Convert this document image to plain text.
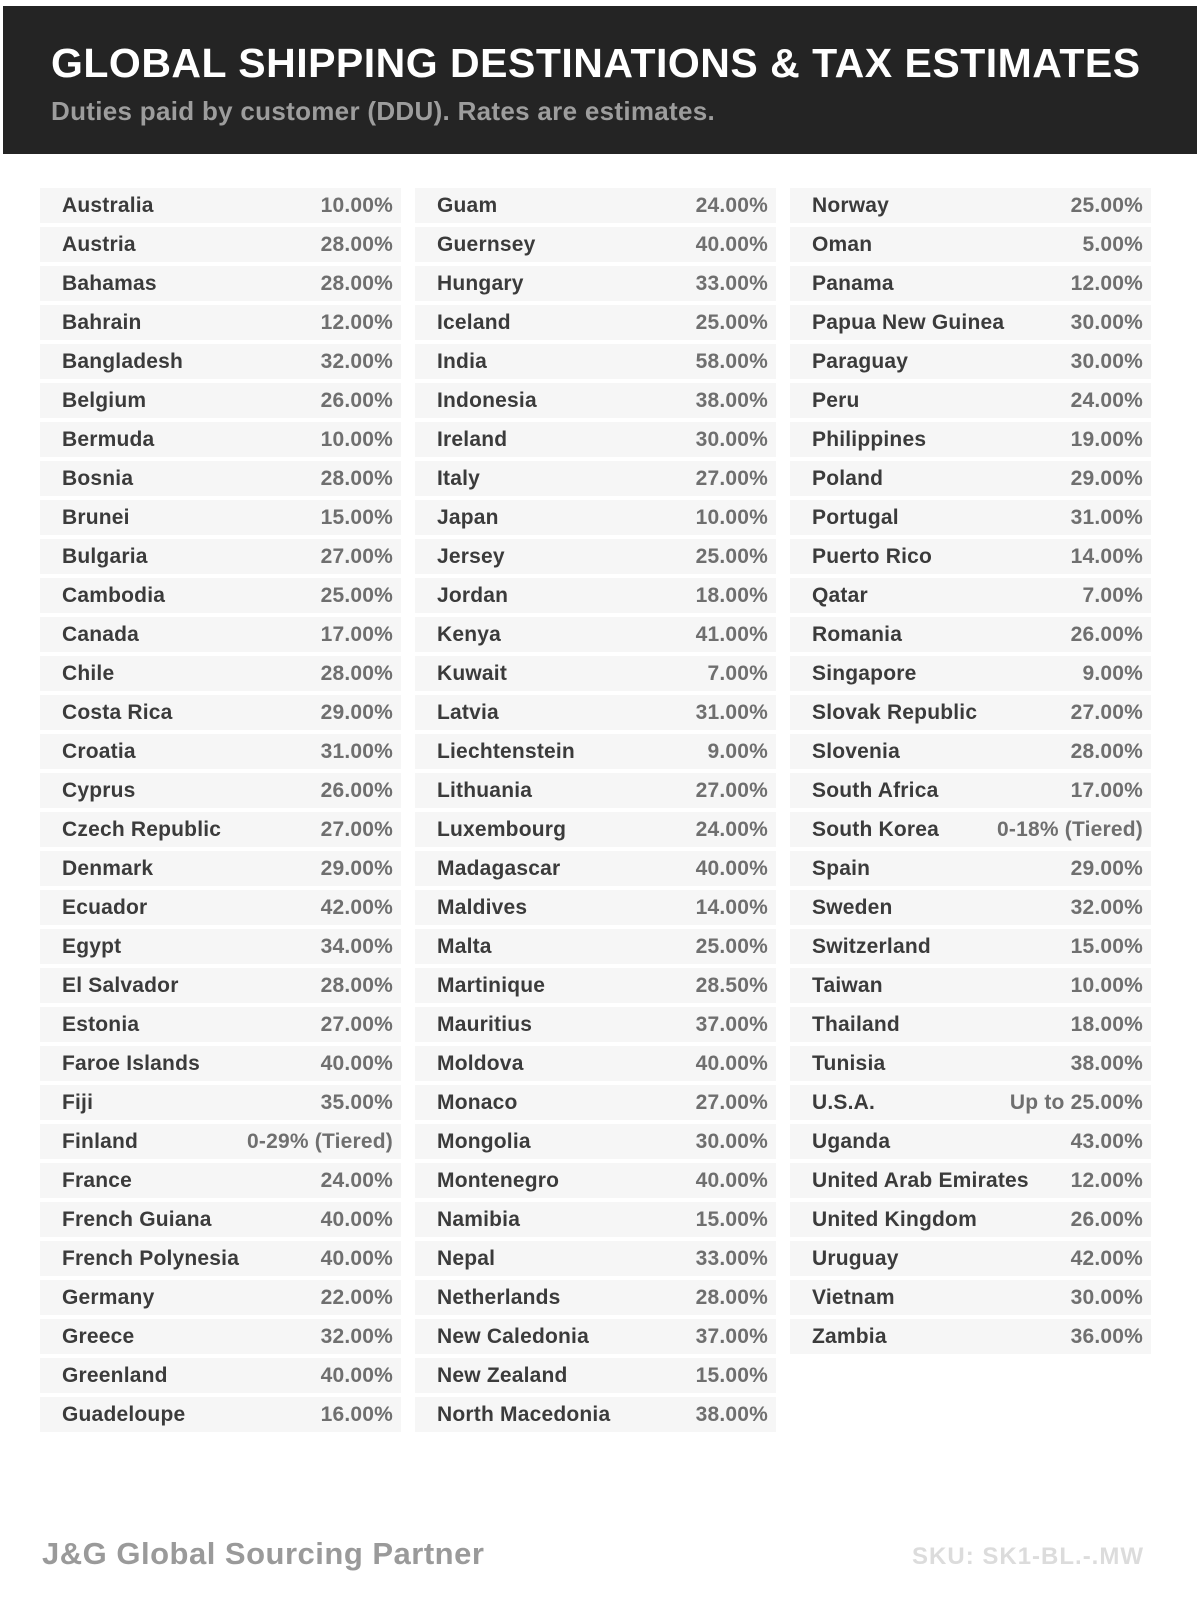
GLOBAL SHIPPING DESTINATIONS & TAX ESTIMATES
Duties paid by customer (DDU). Rates are estimates.
Australia	10.00%
Austria	28.00%
Bahamas	28.00%
Bahrain	12.00%
Bangladesh	32.00%
Belgium	26.00%
Bermuda	10.00%
Bosnia	28.00%
Brunei	15.00%
Bulgaria	27.00%
Cambodia	25.00%
Canada	17.00%
Chile	28.00%
Costa Rica	29.00%
Croatia	31.00%
Cyprus	26.00%
Czech Republic	27.00%
Denmark	29.00%
Ecuador	42.00%
Egypt	34.00%
El Salvador	28.00%
Estonia	27.00%
Faroe Islands	40.00%
Fiji	35.00%
Finland	0-29% (Tiered)
France	24.00%
French Guiana	40.00%
French Polynesia	40.00%
Germany	22.00%
Greece	32.00%
Greenland	40.00%
Guadeloupe	16.00%
Guam	24.00%
Guernsey	40.00%
Hungary	33.00%
Iceland	25.00%
India	58.00%
Indonesia	38.00%
Ireland	30.00%
Italy	27.00%
Japan	10.00%
Jersey	25.00%
Jordan	18.00%
Kenya	41.00%
Kuwait	7.00%
Latvia	31.00%
Liechtenstein	9.00%
Lithuania	27.00%
Luxembourg	24.00%
Madagascar	40.00%
Maldives	14.00%
Malta	25.00%
Martinique	28.50%
Mauritius	37.00%
Moldova	40.00%
Monaco	27.00%
Mongolia	30.00%
Montenegro	40.00%
Namibia	15.00%
Nepal	33.00%
Netherlands	28.00%
New Caledonia	37.00%
New Zealand	15.00%
North Macedonia	38.00%
Norway	25.00%
Oman	5.00%
Panama	12.00%
Papua New Guinea	30.00%
Paraguay	30.00%
Peru	24.00%
Philippines	19.00%
Poland	29.00%
Portugal	31.00%
Puerto Rico	14.00%
Qatar	7.00%
Romania	26.00%
Singapore	9.00%
Slovak Republic	27.00%
Slovenia	28.00%
South Africa	17.00%
South Korea	0-18% (Tiered)
Spain	29.00%
Sweden	32.00%
Switzerland	15.00%
Taiwan	10.00%
Thailand	18.00%
Tunisia	38.00%
U.S.A.	Up to 25.00%
Uganda	43.00%
United Arab Emirates	12.00%
United Kingdom	26.00%
Uruguay	42.00%
Vietnam	30.00%
Zambia	36.00%
J&G Global Sourcing Partner	SKU: SK1-BL.-.MW
